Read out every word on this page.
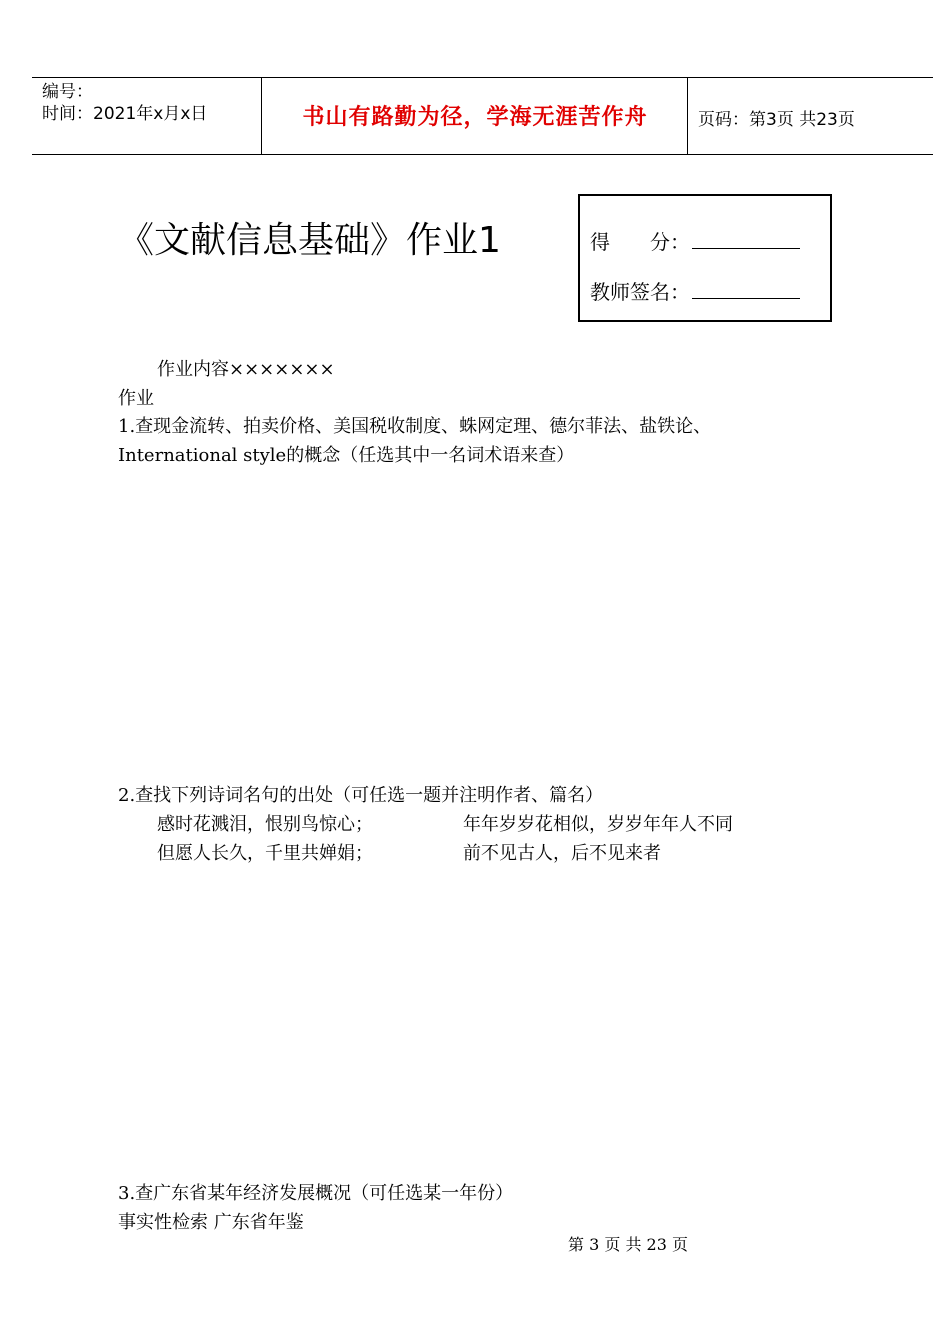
编号：
时间：2021年x月x日	书山有路勤为径，学海无涯苦作舟	页码：第3页 共23页
《文献信息基础》作业1	得　　分：
教师签名：
作业内容×××××××
作业
1.查现金流转、拍卖价格、美国税收制度、蛛网定理、德尔菲法、盐铁论、
International style的概念（任选其中一名词术语来查）
2.查找下列诗词名句的出处（可任选一题并注明作者、篇名）
感时花溅泪，恨别鸟惊心；	年年岁岁花相似，岁岁年年人不同
但愿人长久，千里共婵娟；	前不见古人，后不见来者
3.查广东省某年经济发展概况（可任选某一年份）
事实性检索 广东省年鉴
第 3 页 共 23 页
